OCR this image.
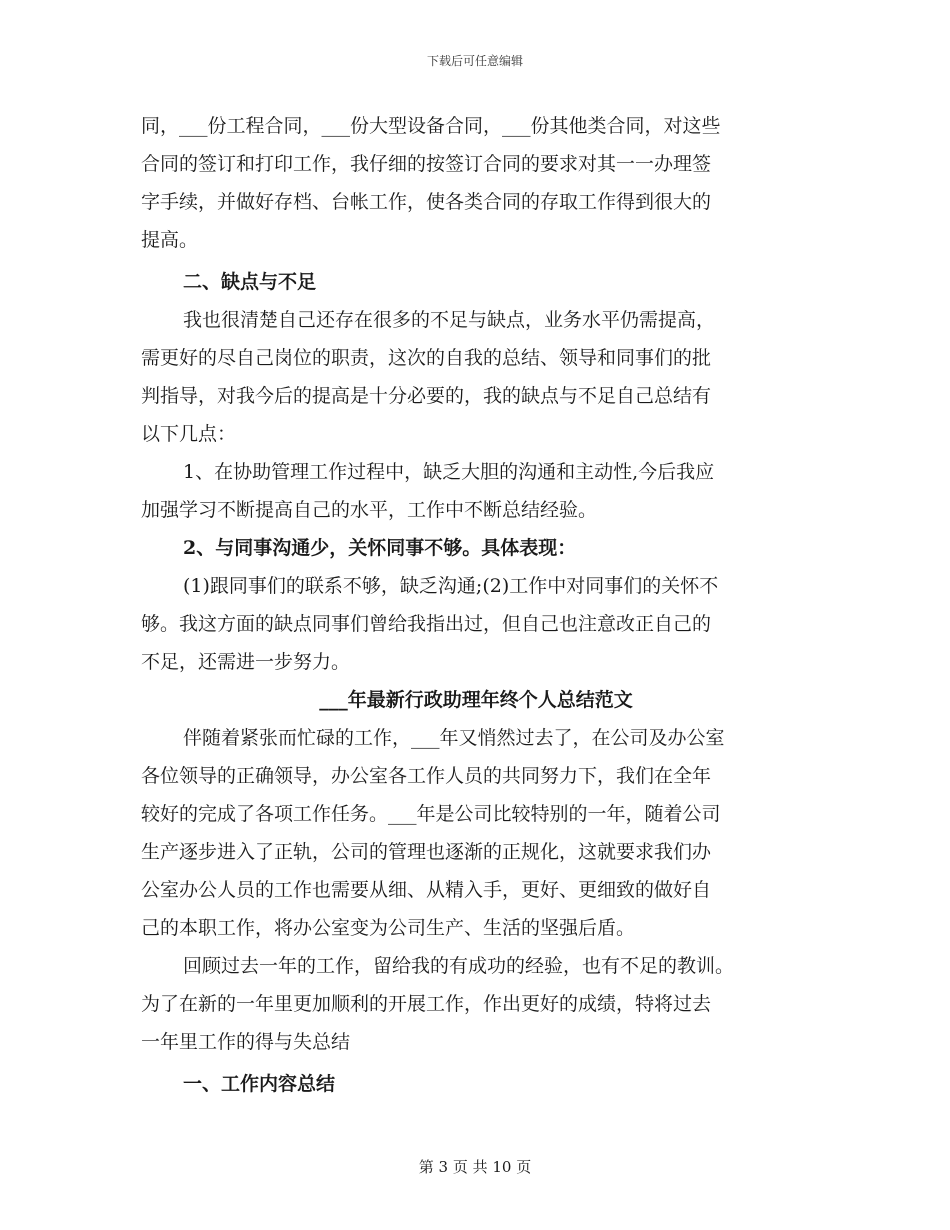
下载后可任意编辑
同，___份工程合同，___份大型设备合同，___份其他类合同，对这些
合同的签订和打印工作，我仔细的按签订合同的要求对其一一办理签
字手续，并做好存档、台帐工作，使各类合同的存取工作得到很大的
提高。
二、缺点与不足
我也很清楚自己还存在很多的不足与缺点，业务水平仍需提高，
需更好的尽自己岗位的职责，这次的自我的总结、领导和同事们的批
判指导，对我今后的提高是十分必要的，我的缺点与不足自己总结有
以下几点：
1、在协助管理工作过程中，缺乏大胆的沟通和主动性,今后我应
加强学习不断提高自己的水平，工作中不断总结经验。
2、与同事沟通少，关怀同事不够。具体表现：
(1)跟同事们的联系不够，缺乏沟通;(2)工作中对同事们的关怀不
够。我这方面的缺点同事们曾给我指出过，但自己也注意改正自己的
不足，还需进一步努力。
___年最新行政助理年终个人总结范文
伴随着紧张而忙碌的工作，___年又悄然过去了，在公司及办公室
各位领导的正确领导，办公室各工作人员的共同努力下，我们在全年
较好的完成了各项工作任务。___年是公司比较特别的一年，随着公司
生产逐步进入了正轨，公司的管理也逐渐的正规化，这就要求我们办
公室办公人员的工作也需要从细、从精入手，更好、更细致的做好自
己的本职工作，将办公室变为公司生产、生活的坚强后盾。
回顾过去一年的工作，留给我的有成功的经验，也有不足的教训。
为了在新的一年里更加顺利的开展工作，作出更好的成绩，特将过去
一年里工作的得与失总结
一、工作内容总结
第 3 页 共 10 页
